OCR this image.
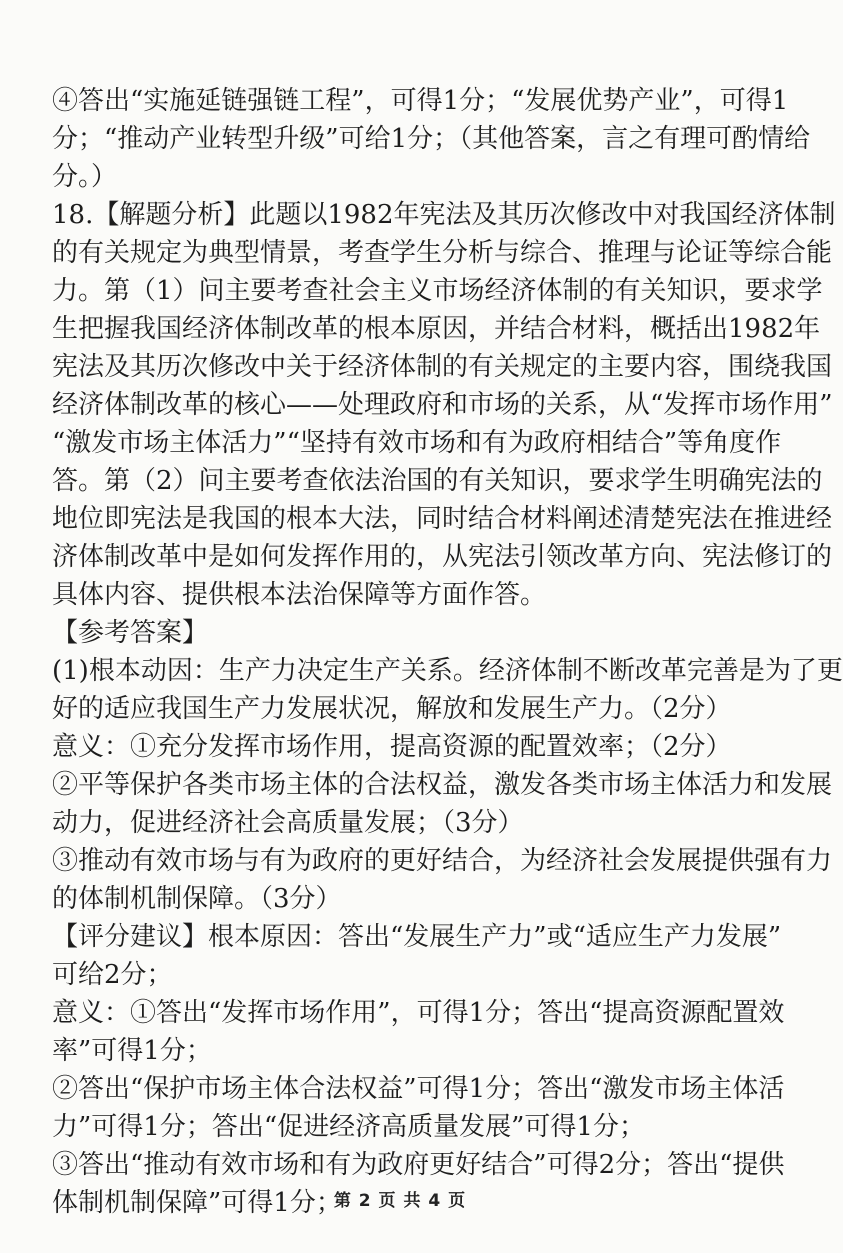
④答出“实施延链强链工程”，可得1分；“发展优势产业”，可得1
分；“推动产业转型升级”可给1分；（其他答案，言之有理可酌情给
分。）
18.【解题分析】此题以1982年宪法及其历次修改中对我国经济体制
的有关规定为典型情景，考查学生分析与综合、推理与论证等综合能
力。第（1）问主要考查社会主义市场经济体制的有关知识，要求学
生把握我国经济体制改革的根本原因，并结合材料，概括出1982年
宪法及其历次修改中关于经济体制的有关规定的主要内容，围绕我国
经济体制改革的核心——处理政府和市场的关系，从“发挥市场作用”
“激发市场主体活力”“坚持有效市场和有为政府相结合”等角度作
答。第（2）问主要考查依法治国的有关知识，要求学生明确宪法的
地位即宪法是我国的根本大法，同时结合材料阐述清楚宪法在推进经
济体制改革中是如何发挥作用的，从宪法引领改革方向、宪法修订的
具体内容、提供根本法治保障等方面作答。
【参考答案】
(1)根本动因：生产力决定生产关系。经济体制不断改革完善是为了更
好的适应我国生产力发展状况，解放和发展生产力。（2分）
意义：①充分发挥市场作用，提高资源的配置效率；（2分）
②平等保护各类市场主体的合法权益，激发各类市场主体活力和发展
动力，促进经济社会高质量发展；（3分）
③推动有效市场与有为政府的更好结合，为经济社会发展提供强有力
的体制机制保障。（3分）
【评分建议】根本原因：答出“发展生产力”或“适应生产力发展”
可给2分；
意义：①答出“发挥市场作用”，可得1分；答出“提高资源配置效
率”可得1分；
②答出“保护市场主体合法权益”可得1分；答出“激发市场主体活
力”可得1分；答出“促进经济高质量发展”可得1分；
③答出“推动有效市场和有为政府更好结合”可得2分；答出“提供
体制机制保障”可得1分；
第 2 页 共 4 页
